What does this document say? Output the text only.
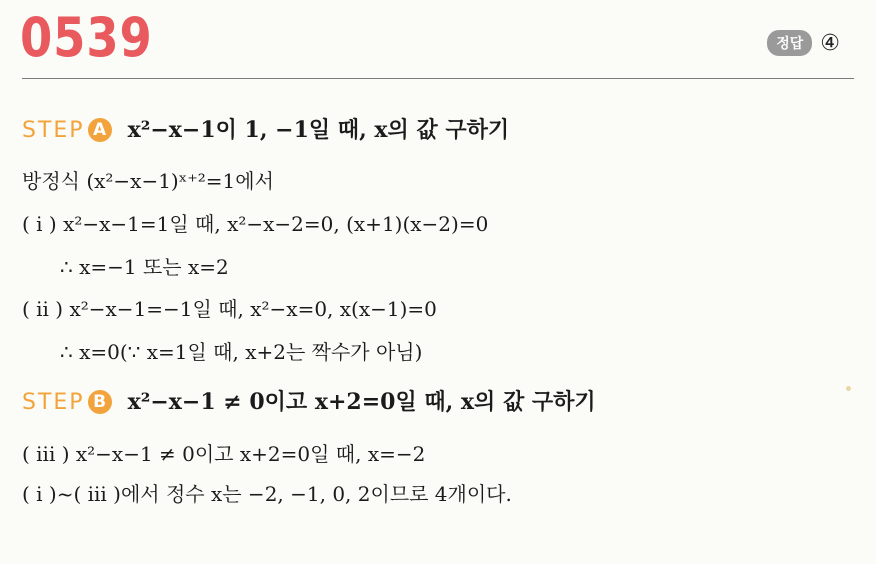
0539	정답 ④
STEP A x²−x−1이 1, −1일 때, x의 값 구하기
방정식 (x²−x−1)ˣ⁺²=1에서
( i ) x²−x−1=1일 때, x²−x−2=0, (x+1)(x−2)=0
∴ x=−1 또는 x=2
( ii ) x²−x−1=−1일 때, x²−x=0, x(x−1)=0
∴ x=0(∵ x=1일 때, x+2는 짝수가 아님)
STEP B x²−x−1 ≠ 0이고 x+2=0일 때, x의 값 구하기
( iii ) x²−x−1 ≠ 0이고 x+2=0일 때, x=−2
( i )~( iii )에서 정수 x는 −2, −1, 0, 2이므로 4개이다.
